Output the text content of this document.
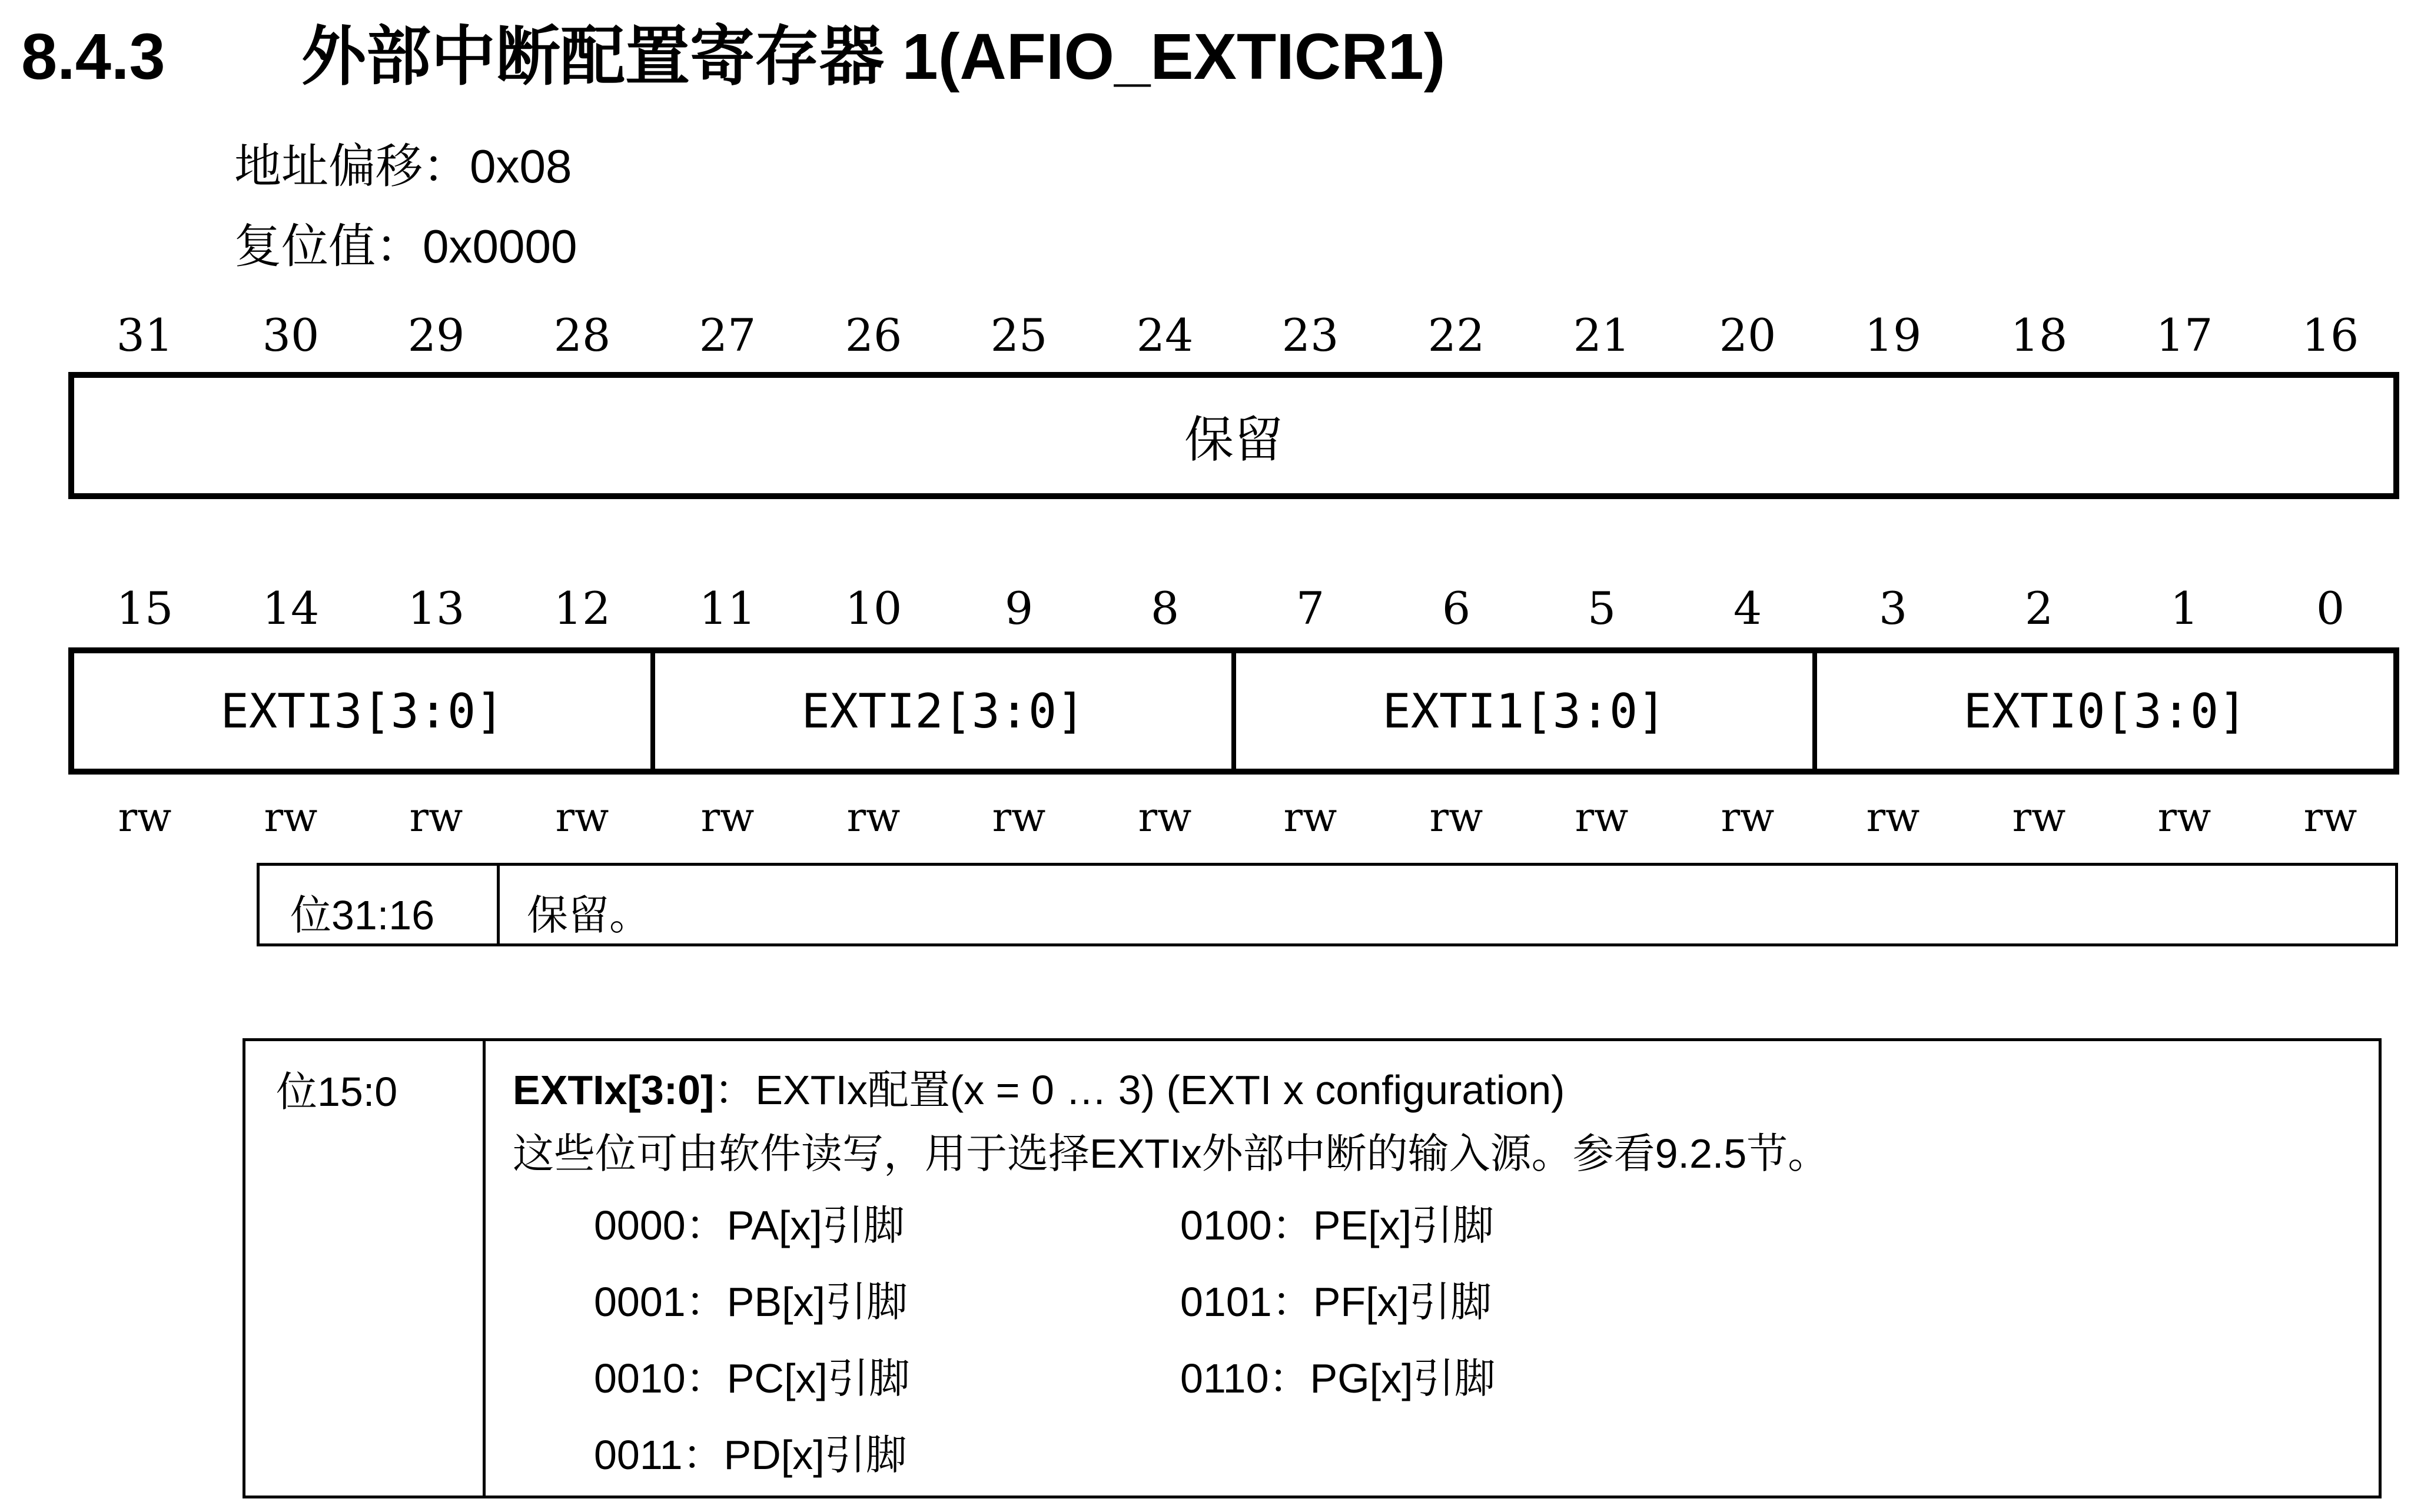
8.4.3 外部中断配置寄存器 1(AFIO_EXTICR1)
地址偏移：0x08
复位值：0x0000
31	30	29	28	27	26	25	24	23	22	21	20	19	18	17	16
保留
15	14	13	12	11	10	9	8	7	6	5	4	3	2	1	0
EXTI3[3:0]	EXTI2[3:0]	EXTI1[3:0]	EXTI0[3:0]
rw	rw	rw	rw	rw	rw	rw	rw	rw	rw	rw	rw	rw	rw	rw	rw
位31:16	保留。
位15:0	EXTIx[3:0]：EXTIx配置(x = 0 … 3) (EXTI x configuration)
这些位可由软件读写，用于选择EXTIx外部中断的输入源。参看9.2.5节。
0000：PA[x]引脚
0001：PB[x]引脚
0010：PC[x]引脚
0011：PD[x]引脚
0100：PE[x]引脚
0101：PF[x]引脚
0110：PG[x]引脚
